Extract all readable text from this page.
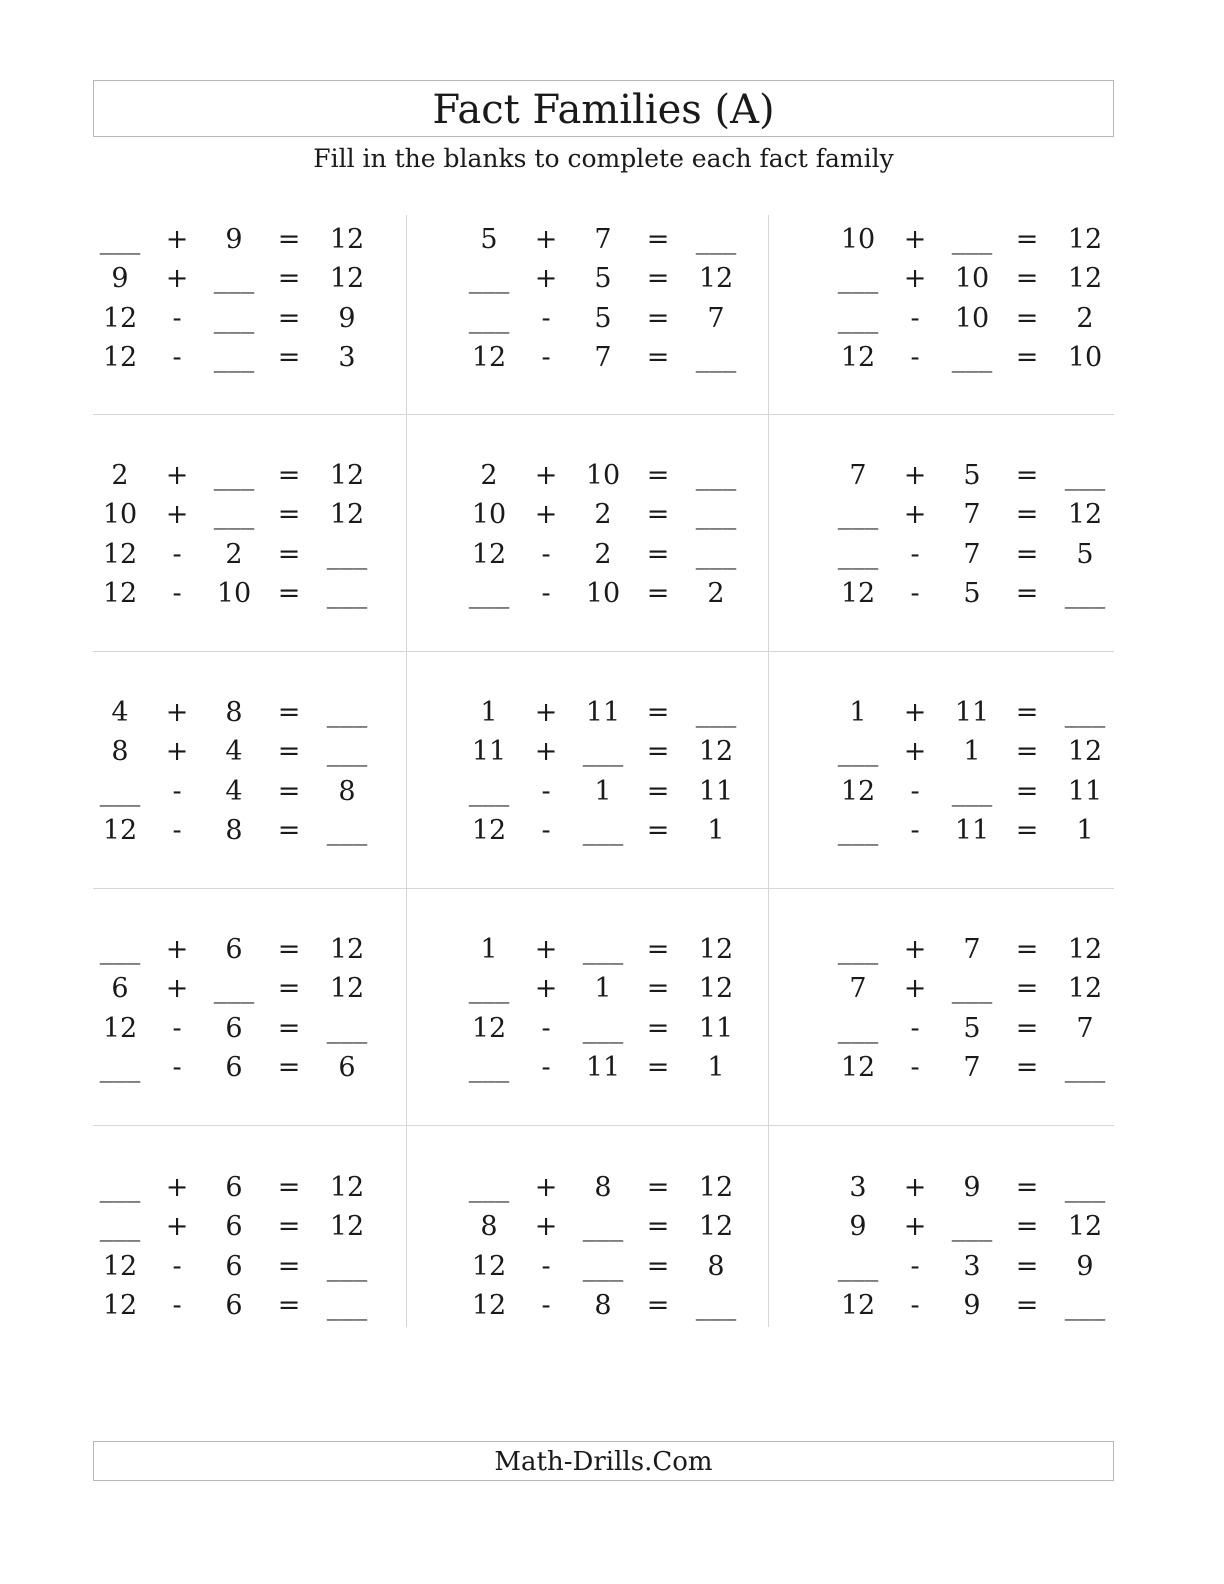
Fact Families (A)
Fill in the blanks to complete each fact family
___ +	9	=	12
9	+ ___ =	12
12	-	___ =	9
12	-	___ =	3
5	+	7	= ___
___ +	5	=	12
___	-	5	=	7
12	-	7	= ___
10	+ ___ =	12
___ +	10 =	12
___	-	10 =	2
12	-	___ =	10
2	+ ___ =	12
10	+ ___ =	12
12	-	2	= ___
12	-	10 = ___
2	+	10 = ___
10	+	2	= ___
12	-	2	= ___
___	-	10 =	2
7	+	5	= ___
___ +	7	=	12
___	-	7	=	5
12	-	5	= ___
4	+	8	= ___
8	+	4	= ___
___	-	4	=	8
12	-	8	= ___
1	+	11 = ___
11	+ ___ =	12
___	-	1	=	11
12	-	___ =	1
1	+	11 = ___
___ +	1	=	12
12	-	___ =	11
___	-	11 =	1
___ +	6	=	12
6	+ ___ =	12
12	-	6	= ___
___	-	6	=	6
1	+ ___ =	12
___ +	1	=	12
12	-	___ =	11
___	-	11 =	1
___ +	7	=	12
7	+ ___ =	12
___	-	5	=	7
12	-	7	= ___
___ +	6	=	12
___ +	6	=	12
12	-	6	= ___
12	-	6	= ___
___ +	8	=	12
8	+ ___ =	12
12	-	___ =	8
12	-	8	= ___
3	+	9	= ___
9	+ ___ =	12
___	-	3	=	9
12	-	9	= ___
Math-Drills.Com
